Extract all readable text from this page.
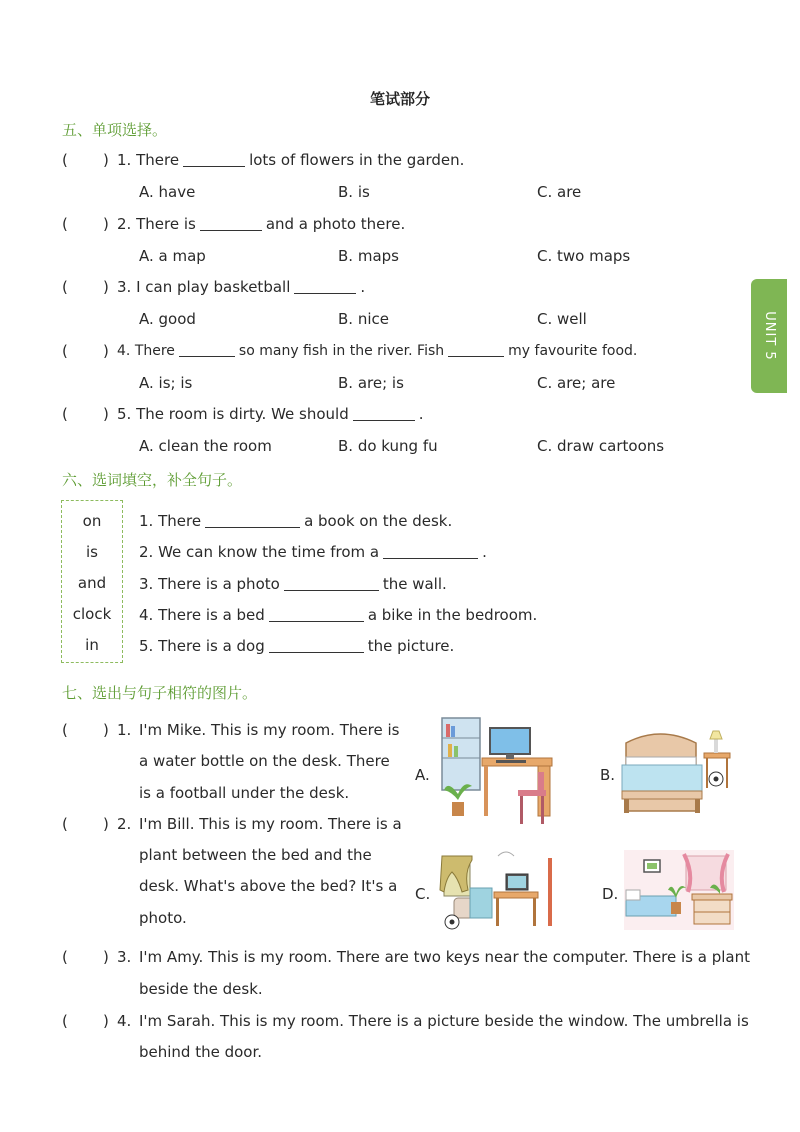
笔试部分
UNIT 5
五、单项选择。
( ) 1. There	lots of flowers in the garden.
A. have	B. is	C. are
( ) 2. There is	and a photo there.
A. a map	B. maps	C. two maps
( ) 3. I can play basketball	.
A. good	B. nice	C. well
( ) 4. There	so many fish in the river. Fish	my favourite food.
A. is; is	B. are; is	C. are; are
( ) 5. The room is dirty. We should	.
A. clean the room	B. do kung fu	C. draw cartoons
六、选词填空，补全句子。
on
is
and
clock
in
1. There	a book on the desk.
2. We can know the time from a	.
3. There is a photo	the wall.
4. There is a bed	a bike in the bedroom.
5. There is a dog	the picture.
七、选出与句子相符的图片。
( ) 1. I'm Mike. This is my room. There is
a water bottle on the desk. There
is a football under the desk.
( ) 2. I'm Bill. This is my room. There is a
plant between the bed and the
desk. What's above the bed? It's a
photo.
( ) 3. I'm Amy. This is my room. There are two keys near the computer. There is a plant
beside the desk.
( ) 4. I'm Sarah. This is my room. There is a picture beside the window. The umbrella is
behind the door.
A.	B.
C.	D.
